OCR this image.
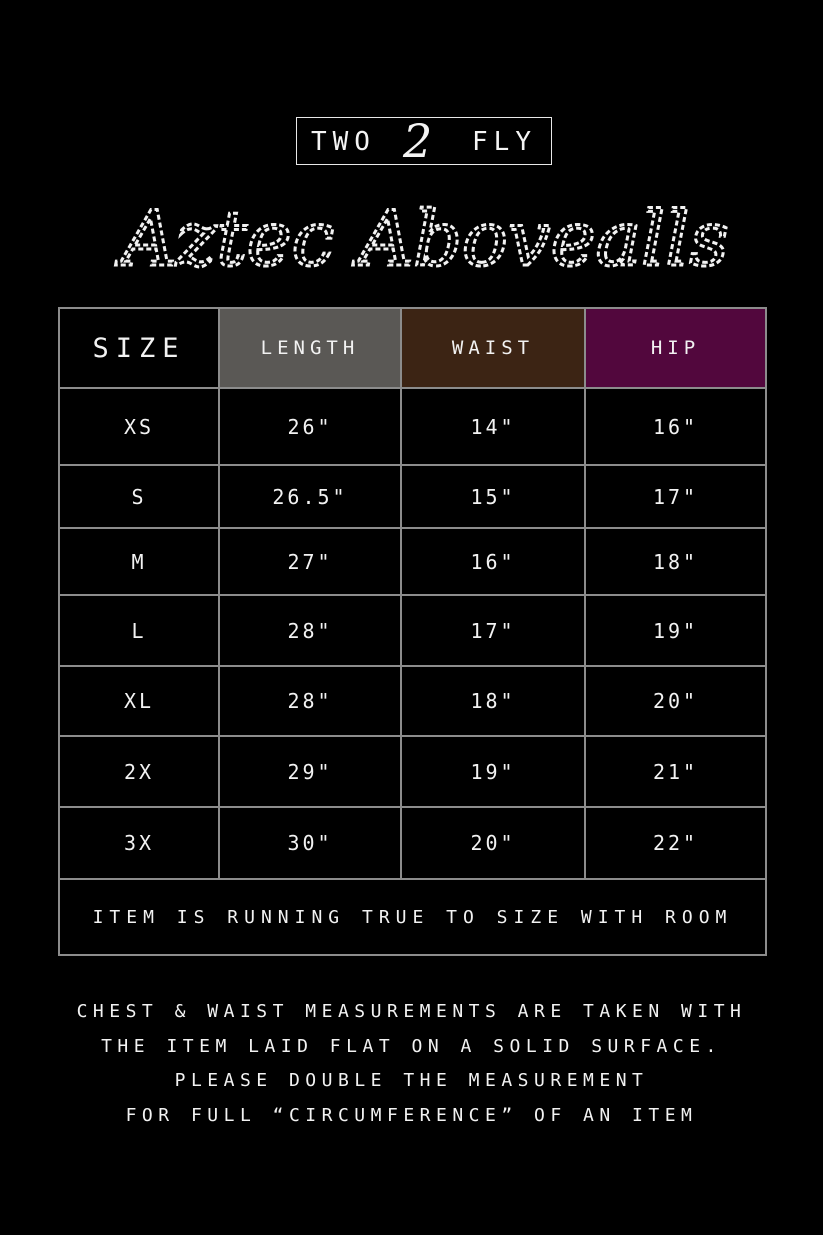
TWO 2 FLY
Aztec Abovealls
SIZE	LENGTH	WAIST	HIP
XS	26"	14"	16"
S	26.5"	15"	17"
M	27"	16"	18"
L	28"	17"	19"
XL	28"	18"	20"
2X	29"	19"	21"
3X	30"	20"	22"
ITEM IS RUNNING TRUE TO SIZE WITH ROOM			
CHEST & WAIST MEASUREMENTS ARE TAKEN WITH
THE ITEM LAID FLAT ON A SOLID SURFACE.
PLEASE DOUBLE THE MEASUREMENT
FOR FULL “CIRCUMFERENCE” OF AN ITEM
